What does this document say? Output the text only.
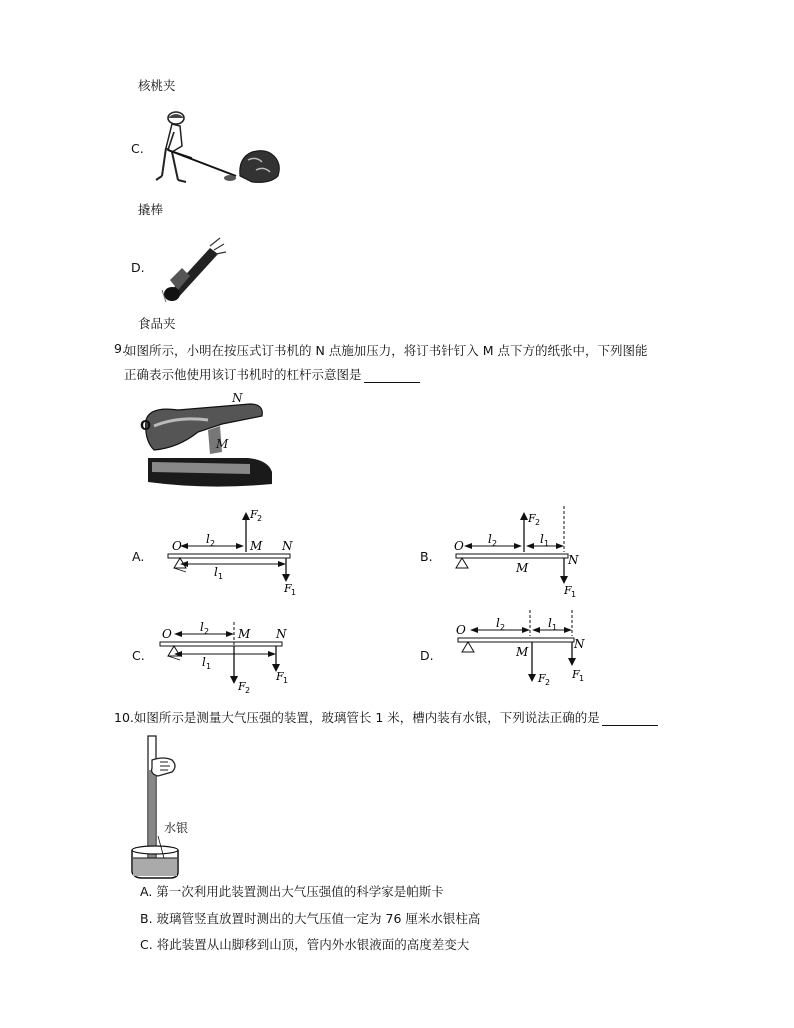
核桃夹
C.
撬棒
D.
食品夹
9.
如图所示，小明在按压式订书机的 N 点施加压力，将订书针钉入 M 点下方的纸张中，下列图能
正确表示他使用该订书机时的杠杆示意图是
O
N
M
A.
O	M N
F 2
F 1
l 2
l 1
B.
O
M
N
F 2
F 1
l 2	l 1
C.
O	M N
F 2
F 1
l 2
l 1
D.
O
M
N
F 2
F 1
l 2	l 1
10.如图所示是测量大气压强的装置，玻璃管长 1 米，槽内装有水银，下列说法正确的是
水银
A. 第一次利用此装置测出大气压强值的科学家是帕斯卡
B. 玻璃管竖直放置时测出的大气压值一定为 76 厘米水银柱高
C. 将此装置从山脚移到山顶，管内外水银液面的高度差变大
